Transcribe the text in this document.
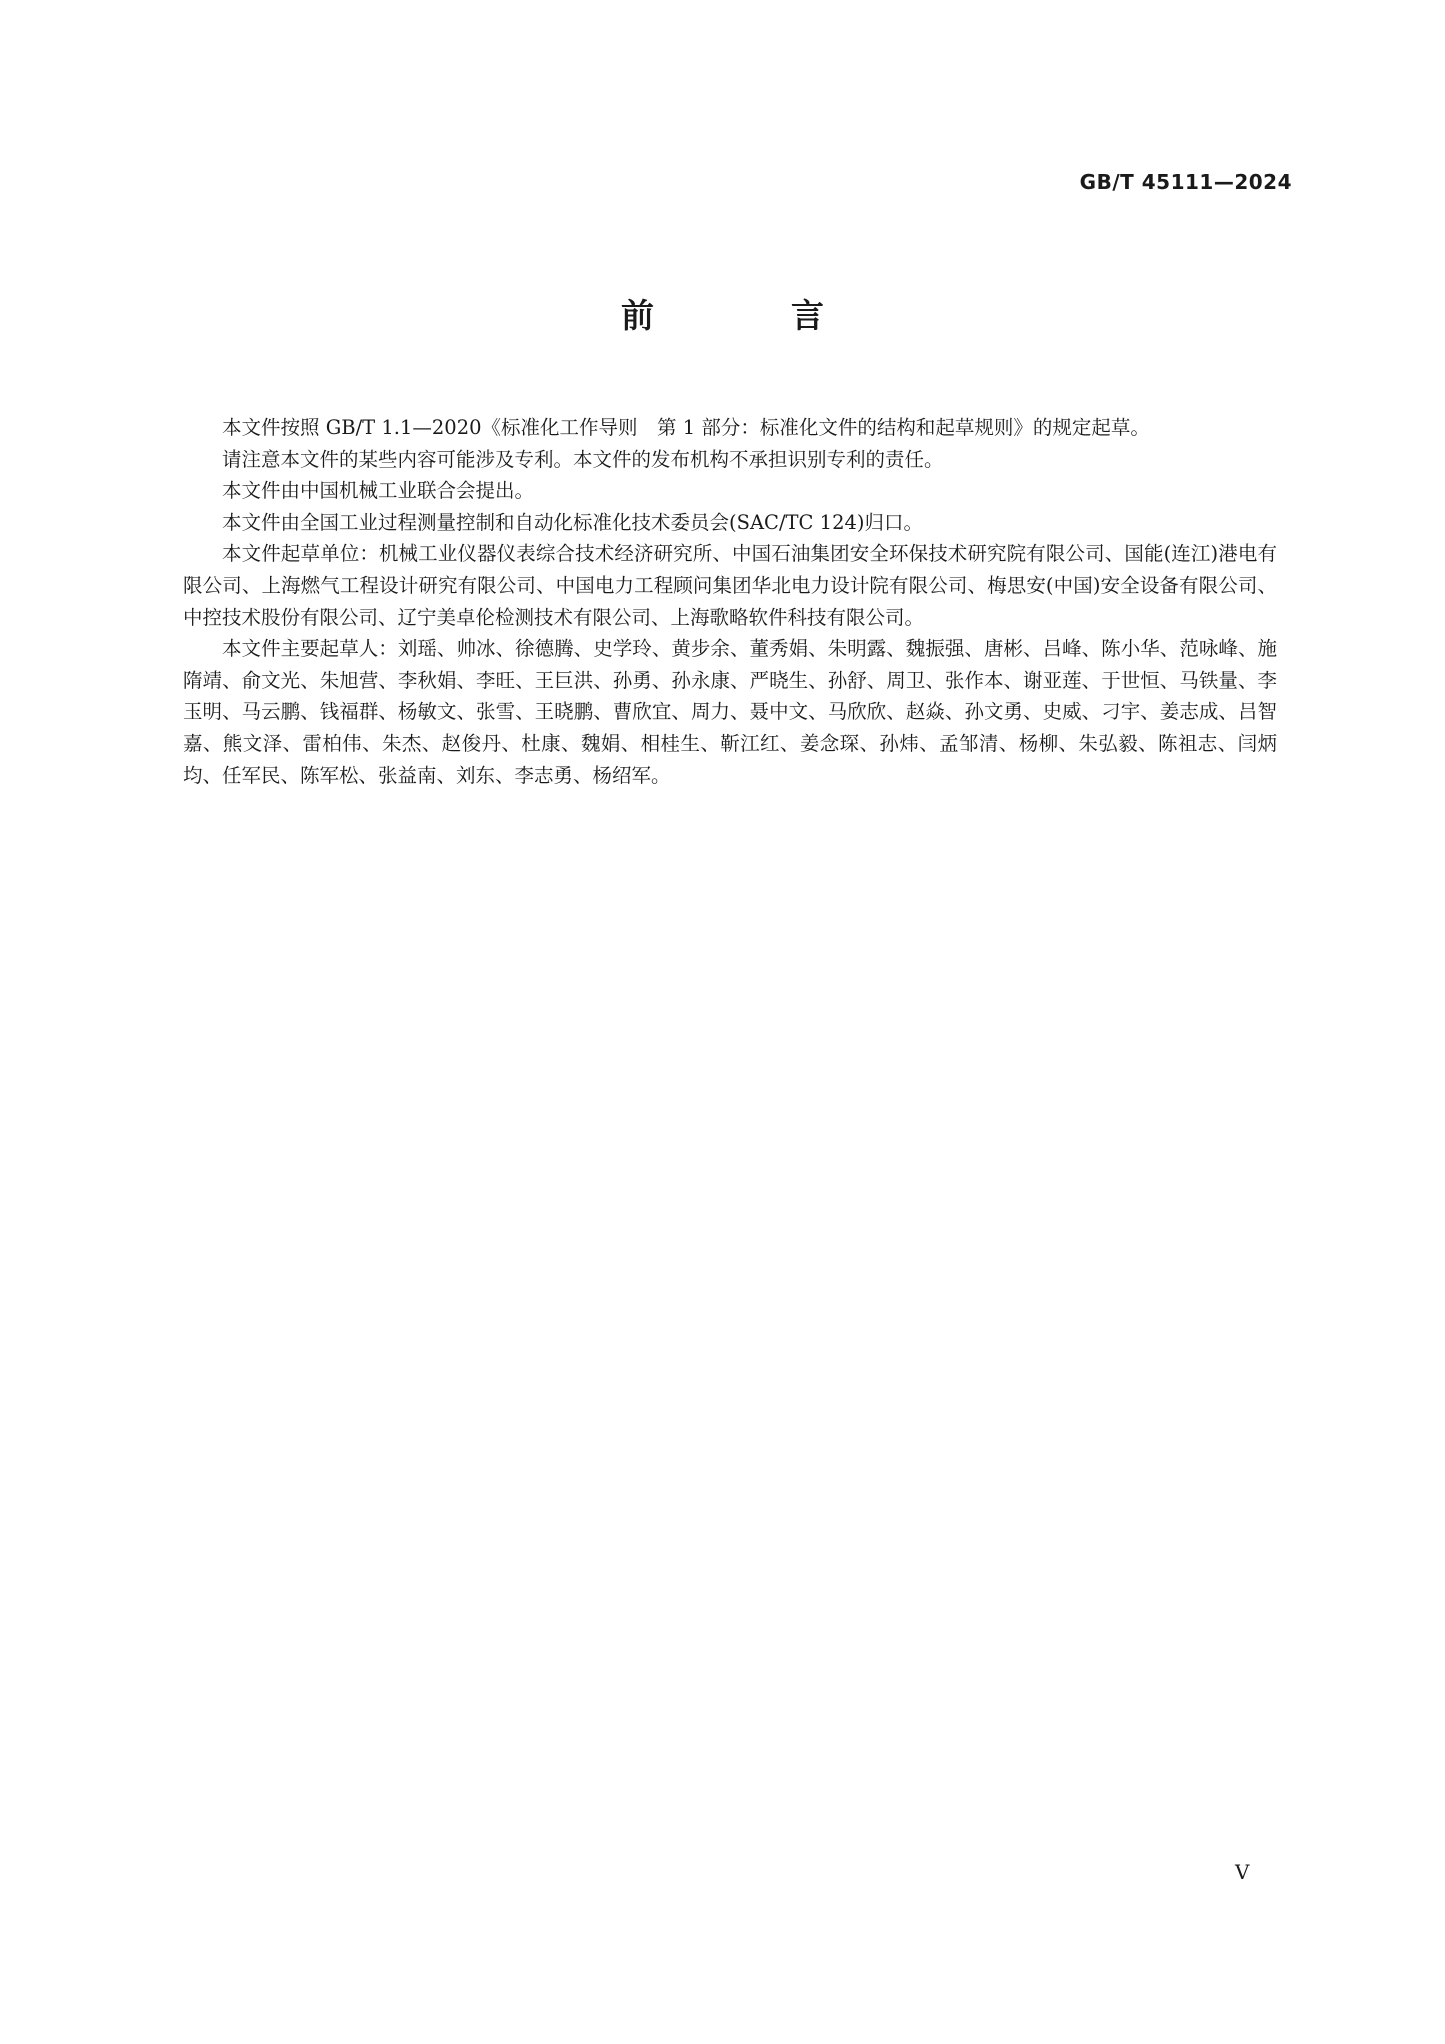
GB/T 45111—2024
前　言

本文件按照 GB/T 1.1—2020《标准化工作导则　第 1 部分：标准化文件的结构和起草规则》的规定起草。

请注意本文件的某些内容可能涉及专利。本文件的发布机构不承担识别专利的责任。

本文件由中国机械工业联合会提出。

本文件由全国工业过程测量控制和自动化标准化技术委员会(SAC/TC 124)归口。

本文件起草单位：机械工业仪器仪表综合技术经济研究所、中国石油集团安全环保技术研究院有限公司、国能(连江)港电有限公司、上海燃气工程设计研究有限公司、中国电力工程顾问集团华北电力设计院有限公司、梅思安(中国)安全设备有限公司、中控技术股份有限公司、辽宁美卓伦检测技术有限公司、上海歌略软件科技有限公司。

本文件主要起草人：刘瑶、帅冰、徐德腾、史学玲、黄步余、董秀娟、朱明露、魏振强、唐彬、吕峰、陈小华、范咏峰、施隋靖、俞文光、朱旭营、李秋娟、李旺、王巨洪、孙勇、孙永康、严晓生、孙舒、周卫、张作本、谢亚莲、于世恒、马铁量、李玉明、马云鹏、钱福群、杨敏文、张雪、王晓鹏、曹欣宜、周力、聂中文、马欣欣、赵焱、孙文勇、史威、刁宇、姜志成、吕智嘉、熊文泽、雷柏伟、朱杰、赵俊丹、杜康、魏娟、相桂生、靳江红、姜念琛、孙炜、孟邹清、杨柳、朱弘毅、陈祖志、闫炳均、任军民、陈军松、张益南、刘东、李志勇、杨绍军。

V
